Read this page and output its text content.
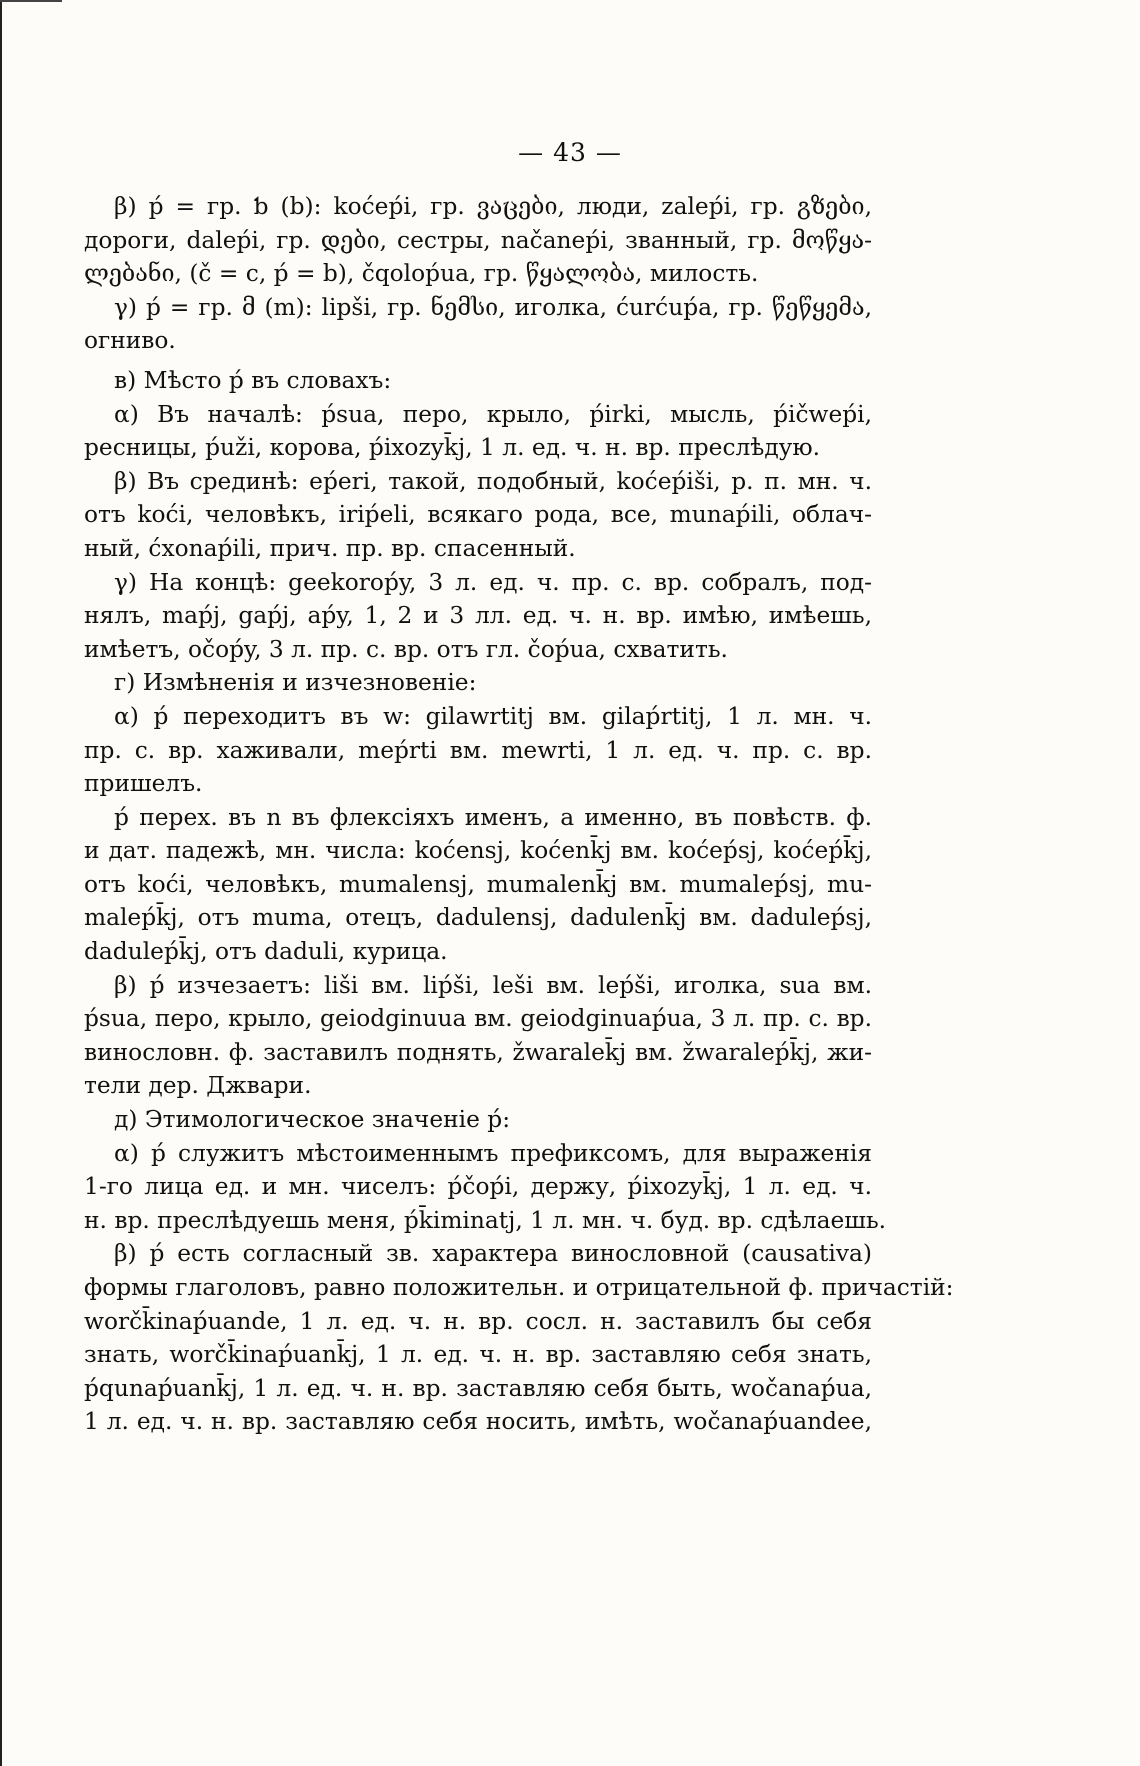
— 43 —
β) ṕ = гр. ƅ (b): koćeṕi, гр. ვაცები, люди, zaleṕi, гр. გზები,
дороги, daleṕi, гр. დები, сестры, načaneṕi, званный, гр. მოწყა-
ლებანი, (č = c, ṕ = b), čqoloṕua, гр. წყალობა, милость.
γ) ṕ = гр. მ (m): lipši, гр. ნემსი, иголка, ćurćuṕa, гр. წეწყემა,
огниво.
в) Мѣсто ṕ въ словахъ:
α) Въ началѣ: ṕsua, перо, крыло, ṕirki, мысль, ṕičweṕi,
ресницы, ṕuži, корова, ṕixozyk̄j, 1 л. ед. ч. н. вр. преслѣдую.
β) Въ срединѣ: eṕeri, такой, подобный, koćeṕiši, р. п. мн. ч.
отъ koći, человѣкъ, iriṕeli, всякаго рода, все, munaṕili, облач-
ный, ćxonaṕili, прич. пр. вр. спасенный.
γ) На концѣ: geekoroṕy, 3 л. ед. ч. пр. с. вр. собралъ, под-
нялъ, maṕj, gaṕj, aṕy, 1, 2 и 3 лл. ед. ч. н. вр. имѣю, имѣешь,
имѣетъ, očoṕy, 3 л. пр. с. вр. отъ гл. čoṕua, схватить.
г) Измѣненія и изчезновеніе:
α) ṕ переходитъ въ w: gilawrtitj вм. gilaṕrtitj, 1 л. мн. ч.
пр. с. вр. хаживали, meṕrti вм. mewrti, 1 л. ед. ч. пр. с. вр.
пришелъ.
ṕ перех. въ n въ флексіяхъ именъ, а именно, въ повѣств. ф.
и дат. падежѣ, мн. числа: koćensj, koćenk̄j вм. koćeṕsj, koćeṕk̄j,
отъ koći, человѣкъ, mumalensj, mumalenk̄j вм. mumaleṕsj, mu-
maleṕk̄j, отъ muma, отецъ, dadulensj, dadulenk̄j вм. daduleṕsj,
daduleṕk̄j, отъ daduli, курица.
β) ṕ изчезаетъ: liši вм. liṕši, leši вм. leṕši, иголка, sua вм.
ṕsua, перо, крыло, geiodginuua вм. geiodginuaṕua, 3 л. пр. с. вр.
винословн. ф. заставилъ поднять, žwaralek̄j вм. žwaraleṕk̄j, жи-
тели дер. Джвари.
д) Этимологическое значеніе ṕ:
α) ṕ служитъ мѣстоименнымъ префиксомъ, для выраженія
1-го лица ед. и мн. чиселъ: ṕčoṕi, держу, ṕixozyk̄j, 1 л. ед. ч.
н. вр. преслѣдуешь меня, ṕk̄iminatj, 1 л. мн. ч. буд. вр. сдѣлаешь.
β) ṕ есть согласный зв. характера винословной (causativa)
формы глаголовъ, равно положительн. и отрицательной ф. причастій:
worčk̄inaṕuande, 1 л. ед. ч. н. вр. сосл. н. заставилъ бы себя
знать, worčk̄inaṕuank̄j, 1 л. ед. ч. н. вр. заставляю себя знать,
ṕqunaṕuank̄j, 1 л. ед. ч. н. вр. заставляю себя быть, wočanaṕua,
1 л. ед. ч. н. вр. заставляю себя носить, имѣть, wočanaṕuandee,
